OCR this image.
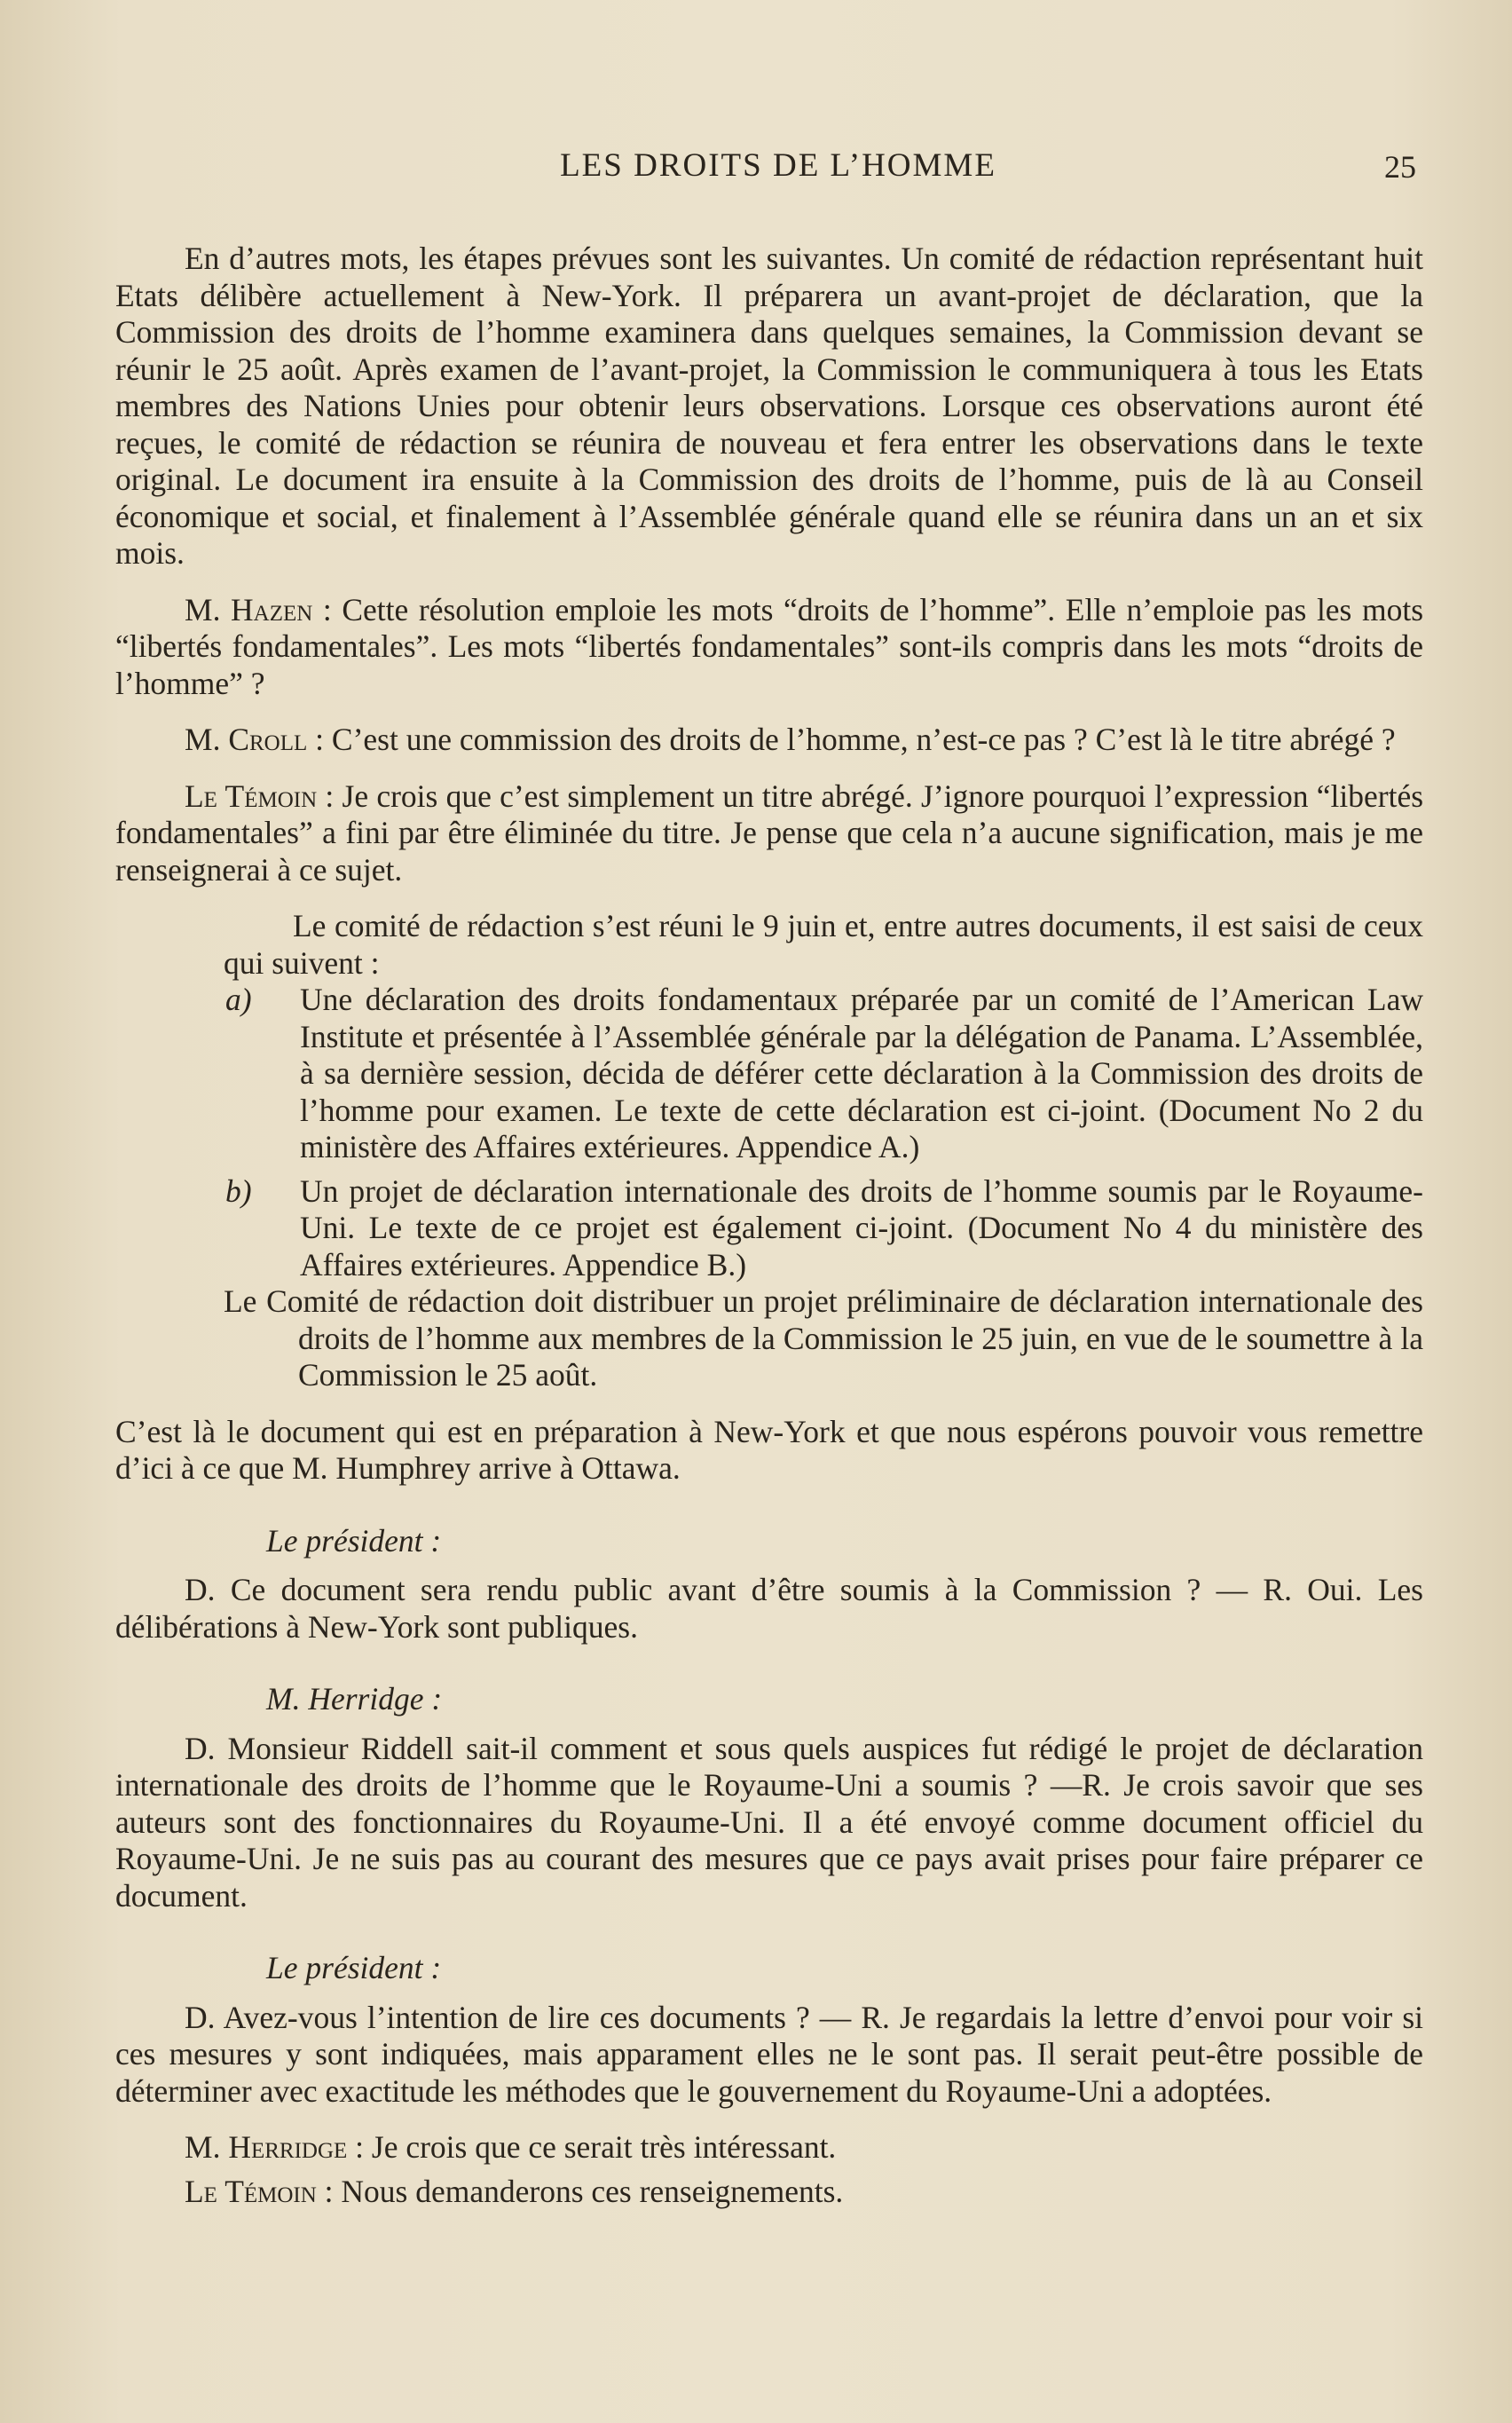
LES DROITS DE L’HOMME	25

En d’autres mots, les étapes prévues sont les suivantes. Un comité de rédaction représentant huit Etats délibère actuellement à New-York. Il préparera un avant-projet de déclaration, que la Commission des droits de l’homme examinera dans quelques semaines, la Commission devant se réunir le 25 août. Après examen de l’avant-projet, la Commission le communiquera à tous les Etats membres des Nations Unies pour obtenir leurs observations. Lorsque ces observations auront été reçues, le comité de rédaction se réunira de nouveau et fera entrer les observations dans le texte original. Le document ira ensuite à la Commission des droits de l’homme, puis de là au Conseil économique et social, et finalement à l’Assemblée générale quand elle se réunira dans un an et six mois.

M. Hazen : Cette résolution emploie les mots “droits de l’homme”. Elle n’emploie pas les mots “libertés fondamentales”. Les mots “libertés fondamentales” sont-ils compris dans les mots “droits de l’homme” ?

M. Croll : C’est une commission des droits de l’homme, n’est-ce pas ? C’est là le titre abrégé ?

Le Témoin : Je crois que c’est simplement un titre abrégé. J’ignore pourquoi l’expression “libertés fondamentales” a fini par être éliminée du titre. Je pense que cela n’a aucune signification, mais je me renseignerai à ce sujet.

Le comité de rédaction s’est réuni le 9 juin et, entre autres documents, il est saisi de ceux qui suivent :

a)	Une déclaration des droits fondamentaux préparée par un comité de l’American Law Institute et présentée à l’Assemblée générale par la délégation de Panama. L’Assemblée, à sa dernière session, décida de déférer cette déclaration à la Commission des droits de l’homme pour examen. Le texte de cette déclaration est ci-joint. (Document No 2 du ministère des Affaires extérieures. Appendice A.)
b)	Un projet de déclaration internationale des droits de l’homme soumis par le Royaume-Uni. Le texte de ce projet est également ci-joint. (Document No 4 du ministère des Affaires extérieures. Appendice B.)

Le Comité de rédaction doit distribuer un projet préliminaire de déclaration internationale des droits de l’homme aux membres de la Commission le 25 juin, en vue de le soumettre à la Commission le 25 août.

C’est là le document qui est en préparation à New-York et que nous espérons pouvoir vous remettre d’ici à ce que M. Humphrey arrive à Ottawa.

Le président :

D. Ce document sera rendu public avant d’être soumis à la Commission ? — R. Oui. Les délibérations à New-York sont publiques.

M. Herridge :

D. Monsieur Riddell sait-il comment et sous quels auspices fut rédigé le projet de déclaration internationale des droits de l’homme que le Royaume-Uni a soumis ? —R. Je crois savoir que ses auteurs sont des fonctionnaires du Royaume-Uni. Il a été envoyé comme document officiel du Royaume-Uni. Je ne suis pas au courant des mesures que ce pays avait prises pour faire préparer ce document.

Le président :

D. Avez-vous l’intention de lire ces documents ? — R. Je regardais la lettre d’envoi pour voir si ces mesures y sont indiquées, mais apparament elles ne le sont pas. Il serait peut-être possible de déterminer avec exactitude les méthodes que le gouvernement du Royaume-Uni a adoptées.

M. Herridge : Je crois que ce serait très intéressant.

Le Témoin : Nous demanderons ces renseignements.
